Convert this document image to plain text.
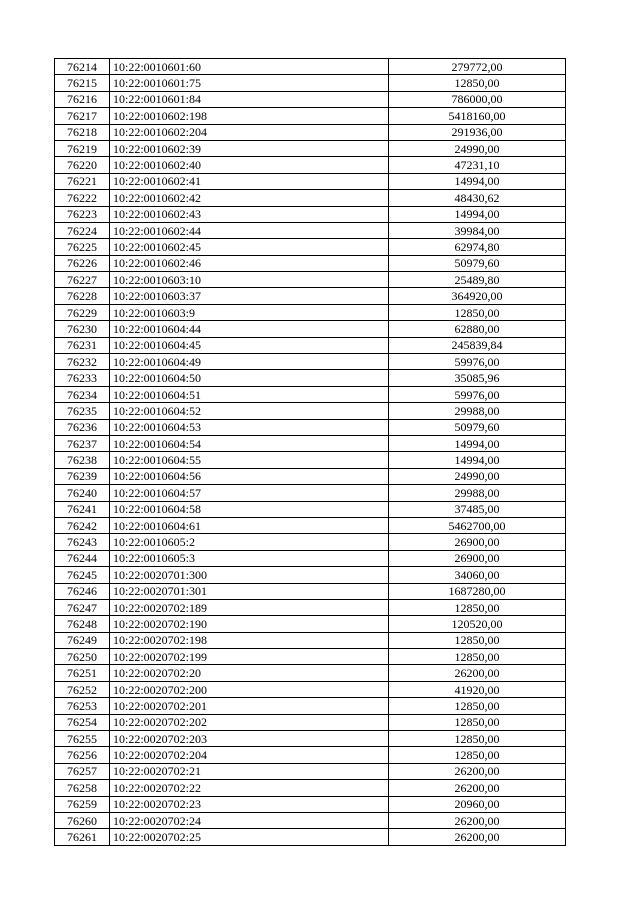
76214	10:22:0010601:60	279772,00
76215	10:22:0010601:75	12850,00
76216	10:22:0010601:84	786000,00
76217	10:22:0010602:198	5418160,00
76218	10:22:0010602:204	291936,00
76219	10:22:0010602:39	24990,00
76220	10:22:0010602:40	47231,10
76221	10:22:0010602:41	14994,00
76222	10:22:0010602:42	48430,62
76223	10:22:0010602:43	14994,00
76224	10:22:0010602:44	39984,00
76225	10:22:0010602:45	62974,80
76226	10:22:0010602:46	50979,60
76227	10:22:0010603:10	25489,80
76228	10:22:0010603:37	364920,00
76229	10:22:0010603:9	12850,00
76230	10:22:0010604:44	62880,00
76231	10:22:0010604:45	245839,84
76232	10:22:0010604:49	59976,00
76233	10:22:0010604:50	35085,96
76234	10:22:0010604:51	59976,00
76235	10:22:0010604:52	29988,00
76236	10:22:0010604:53	50979,60
76237	10:22:0010604:54	14994,00
76238	10:22:0010604:55	14994,00
76239	10:22:0010604:56	24990,00
76240	10:22:0010604:57	29988,00
76241	10:22:0010604:58	37485,00
76242	10:22:0010604:61	5462700,00
76243	10:22:0010605:2	26900,00
76244	10:22:0010605:3	26900,00
76245	10:22:0020701:300	34060,00
76246	10:22:0020701:301	1687280,00
76247	10:22:0020702:189	12850,00
76248	10:22:0020702:190	120520,00
76249	10:22:0020702:198	12850,00
76250	10:22:0020702:199	12850,00
76251	10:22:0020702:20	26200,00
76252	10:22:0020702:200	41920,00
76253	10:22:0020702:201	12850,00
76254	10:22:0020702:202	12850,00
76255	10:22:0020702:203	12850,00
76256	10:22:0020702:204	12850,00
76257	10:22:0020702:21	26200,00
76258	10:22:0020702:22	26200,00
76259	10:22:0020702:23	20960,00
76260	10:22:0020702:24	26200,00
76261	10:22:0020702:25	26200,00
